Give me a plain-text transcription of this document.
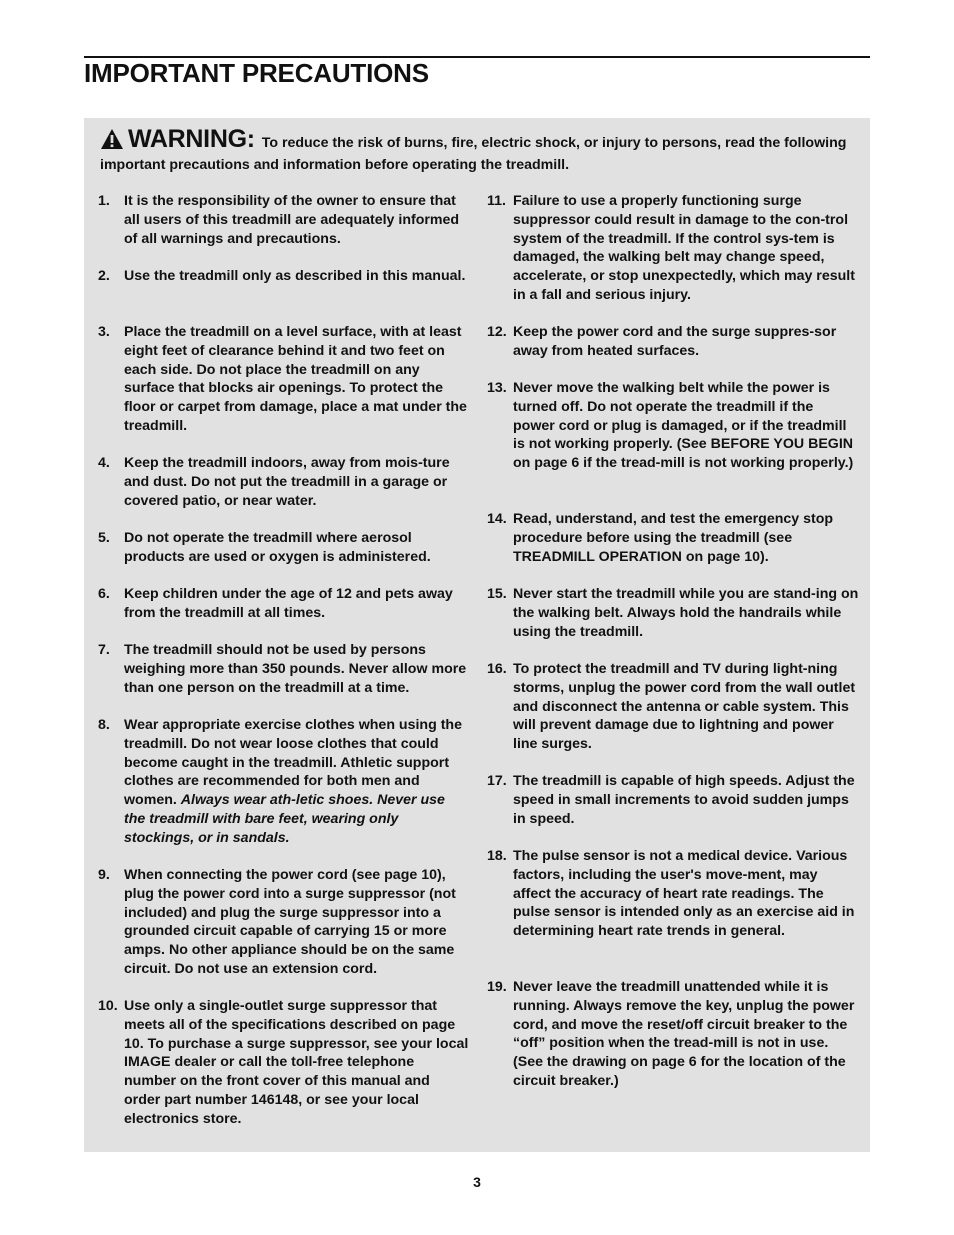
IMPORTANT PRECAUTIONS
WARNING: To reduce the risk of burns, fire, electric shock, or injury to persons, read the following important precautions and information before operating the treadmill.
1. It is the responsibility of the owner to ensure that all users of this treadmill are adequately informed of all warnings and precautions.
2. Use the treadmill only as described in this manual.
3. Place the treadmill on a level surface, with at least eight feet of clearance behind it and two feet on each side. Do not place the treadmill on any surface that blocks air openings. To protect the floor or carpet from damage, place a mat under the treadmill.
4. Keep the treadmill indoors, away from mois-ture and dust. Do not put the treadmill in a garage or covered patio, or near water.
5. Do not operate the treadmill where aerosol products are used or oxygen is administered.
6. Keep children under the age of 12 and pets away from the treadmill at all times.
7. The treadmill should not be used by persons weighing more than 350 pounds. Never allow more than one person on the treadmill at a time.
8. Wear appropriate exercise clothes when using the treadmill. Do not wear loose clothes that could become caught in the treadmill. Athletic support clothes are recommended for both men and women. Always wear ath-letic shoes. Never use the treadmill with bare feet, wearing only stockings, or in sandals.
9. When connecting the power cord (see page 10), plug the power cord into a surge suppressor (not included) and plug the surge suppressor into a grounded circuit capable of carrying 15 or more amps. No other appliance should be on the same circuit. Do not use an extension cord.
10. Use only a single-outlet surge suppressor that meets all of the specifications described on page 10. To purchase a surge suppressor, see your local IMAGE dealer or call the toll-free telephone number on the front cover of this manual and order part number 146148, or see your local electronics store.
11. Failure to use a properly functioning surge suppressor could result in damage to the con-trol system of the treadmill. If the control sys-tem is damaged, the walking belt may change speed, accelerate, or stop unexpectedly, which may result in a fall and serious injury.
12. Keep the power cord and the surge suppres-sor away from heated surfaces.
13. Never move the walking belt while the power is turned off. Do not operate the treadmill if the power cord or plug is damaged, or if the treadmill is not working properly. (See BEFORE YOU BEGIN on page 6 if the tread-mill is not working properly.)
14. Read, understand, and test the emergency stop procedure before using the treadmill (see TREADMILL OPERATION on page 10).
15. Never start the treadmill while you are stand-ing on the walking belt. Always hold the handrails while using the treadmill.
16. To protect the treadmill and TV during light-ning storms, unplug the power cord from the wall outlet and disconnect the antenna or cable system. This will prevent damage due to lightning and power line surges.
17. The treadmill is capable of high speeds. Adjust the speed in small increments to avoid sudden jumps in speed.
18. The pulse sensor is not a medical device. Various factors, including the user's move-ment, may affect the accuracy of heart rate readings. The pulse sensor is intended only as an exercise aid in determining heart rate trends in general.
19. Never leave the treadmill unattended while it is running. Always remove the key, unplug the power cord, and move the reset/off circuit breaker to the “off” position when the tread-mill is not in use. (See the drawing on page 6 for the location of the circuit breaker.)
3
